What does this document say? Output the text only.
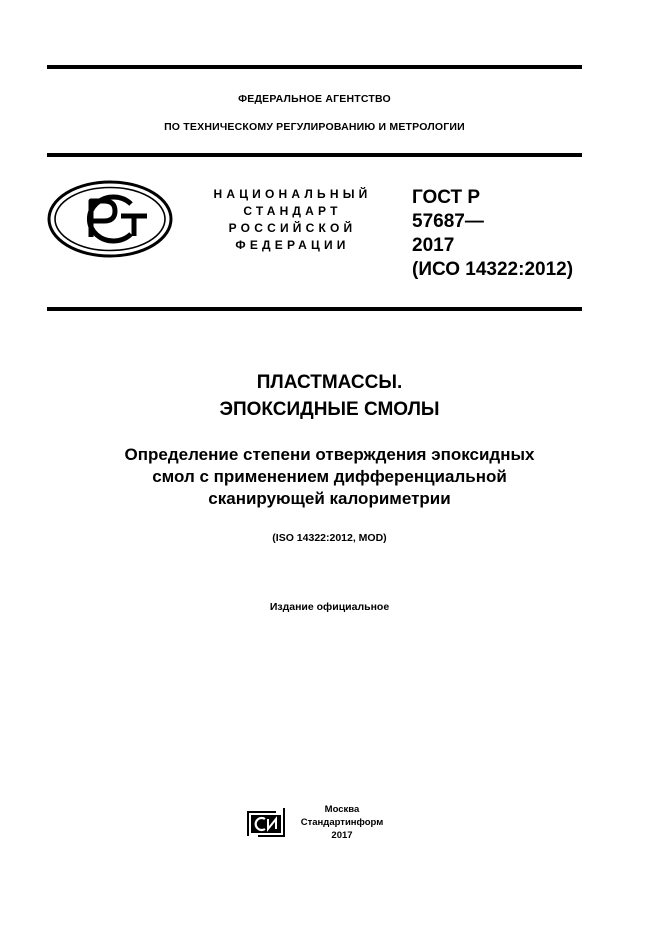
ФЕДЕРАЛЬНОЕ АГЕНТСТВО
ПО ТЕХНИЧЕСКОМУ РЕГУЛИРОВАНИЮ И МЕТРОЛОГИИ
НАЦИОНАЛЬНЫЙ
СТАНДАРТ
РОССИЙСКОЙ
ФЕДЕРАЦИИ
ГОСТ Р
57687—
2017
(ИСО 14322:2012)
ПЛАСТМАССЫ.
ЭПОКСИДНЫЕ СМОЛЫ
Определение степени отверждения эпоксидных
смол с применением дифференциальной
сканирующей калориметрии
(ISO 14322:2012, MOD)
Издание официальное
Москва
Стандартинформ
2017
